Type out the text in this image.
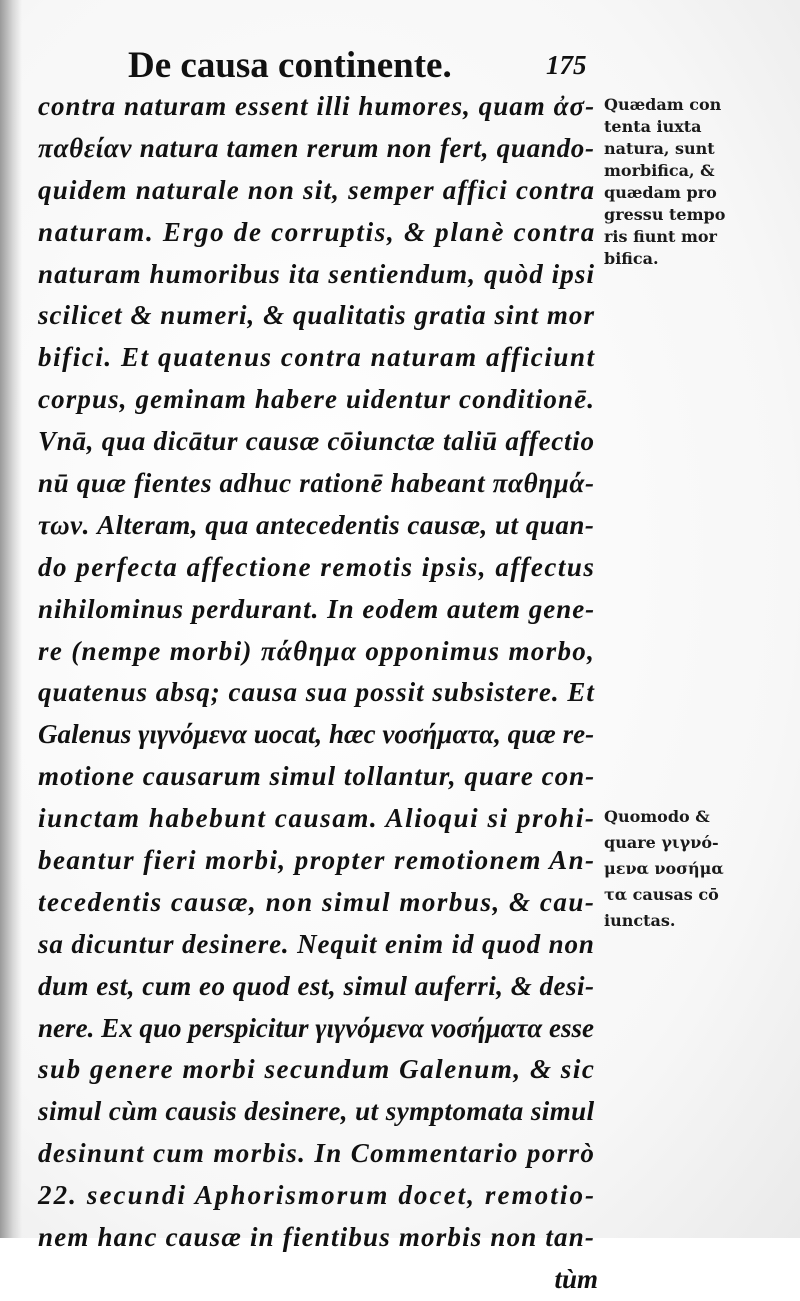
De causa continente.	175
contra naturam essent illi humores, quam ἀσ-
παθείαν natura tamen rerum non fert, quando-
quidem naturale non sit, semper affici contra
naturam. Ergo de corruptis, & planè contra
naturam humoribus ita sentiendum, quòd ipsi
scilicet & numeri, & qualitatis gratia sint mor
bifici. Et quatenus contra naturam afficiunt
corpus, geminam habere uidentur conditionē.
Vnā, qua dicātur causæ cōiunctæ taliū affectio
nū quæ fientes adhuc rationē habeant παθημά-
των. Alteram, qua antecedentis causæ, ut quan-
do perfecta affectione remotis ipsis, affectus
nihilominus perdurant. In eodem autem gene-
re (nempe morbi) πάθημα opponimus morbo,
quatenus absq; causa sua possit subsistere. Et
Galenus γιγνόμενα uocat, hæc νοσήματα, quæ re-
motione causarum simul tollantur, quare con-
iunctam habebunt causam. Alioqui si prohi-
beantur fieri morbi, propter remotionem An-
tecedentis causæ, non simul morbus, & cau-
sa dicuntur desinere. Nequit enim id quod non
dum est, cum eo quod est, simul auferri, & desi-
nere. Ex quo perspicitur γιγνόμενα νοσήματα esse
sub genere morbi secundum Galenum, & sic
simul cùm causis desinere, ut symptomata simul
desinunt cum morbis. In Commentario porrò
22. secundi Aphorismorum docet, remotio-
nem hanc causæ in fientibus morbis non tan-
tùm
Quædam con
tenta iuxta
natura, sunt
morbifica, &
quædam pro
gressu tempo
ris fiunt mor
bifica.
Quomodo &
quare γιγνό-
μενα νοσήμα
τα causas cō
iunctas.
